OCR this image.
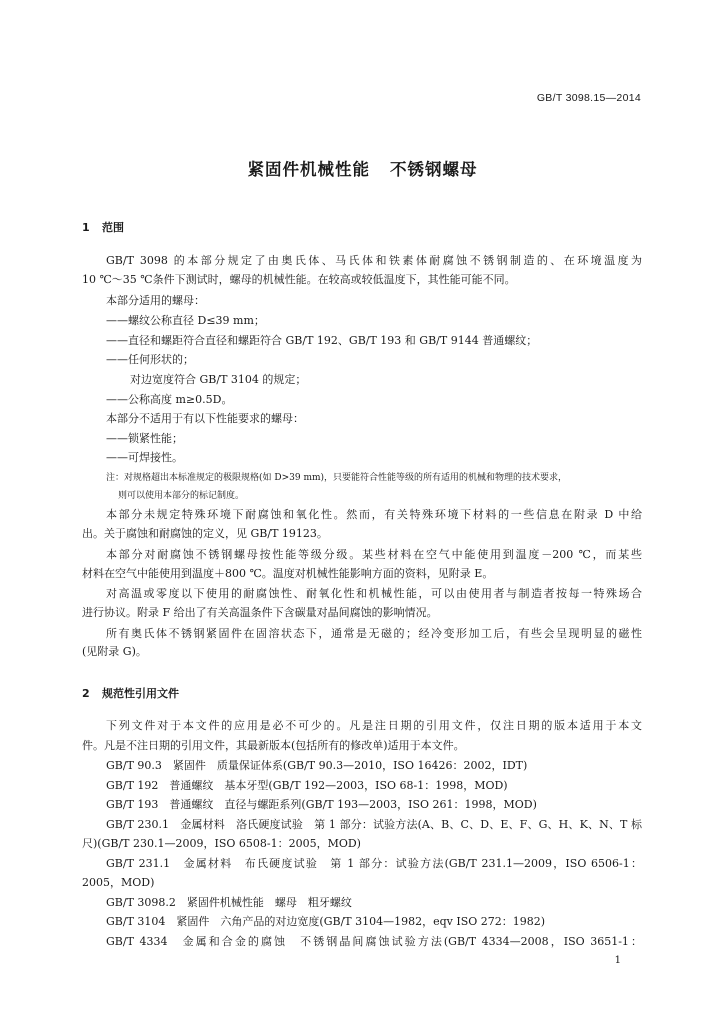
GB/T 3098.15—2014
紧固件机械性能 不锈钢螺母
1 范围
GB/T 3098 的本部分规定了由奥氏体、马氏体和铁素体耐腐蚀不锈钢制造的、在环境温度为
10 ℃～35 ℃条件下测试时，螺母的机械性能。在较高或较低温度下，其性能可能不同。
本部分适用的螺母：
——螺纹公称直径 D≤39 mm；
——直径和螺距符合直径和螺距符合 GB/T 192、GB/T 193 和 GB/T 9144 普通螺纹；
——任何形状的；
对边宽度符合 GB/T 3104 的规定；
——公称高度 m≥0.5D。
本部分不适用于有以下性能要求的螺母：
——锁紧性能；
——可焊接性。
注：对规格超出本标准规定的极限规格(如 D>39 mm)，只要能符合性能等级的所有适用的机械和物理的技术要求，
则可以使用本部分的标记制度。
本部分未规定特殊环境下耐腐蚀和氧化性。然而，有关特殊环境下材料的一些信息在附录 D 中给
出。关于腐蚀和耐腐蚀的定义，见 GB/T 19123。
本部分对耐腐蚀不锈钢螺母按性能等级分级。某些材料在空气中能使用到温度－200 ℃，而某些
材料在空气中能使用到温度＋800 ℃。温度对机械性能影响方面的资料，见附录 E。
对高温或零度以下使用的耐腐蚀性、耐氧化性和机械性能，可以由使用者与制造者按每一特殊场合
进行协议。附录 F 给出了有关高温条件下含碳量对晶间腐蚀的影响情况。
所有奥氏体不锈钢紧固件在固溶状态下，通常是无磁的；经冷变形加工后，有些会呈现明显的磁性
(见附录 G)。
2 规范性引用文件
下列文件对于本文件的应用是必不可少的。凡是注日期的引用文件，仅注日期的版本适用于本文
件。凡是不注日期的引用文件，其最新版本(包括所有的修改单)适用于本文件。
GB/T 90.3　紧固件　质量保证体系(GB/T 90.3—2010，ISO 16426：2002，IDT)
GB/T 192　普通螺纹　基本牙型(GB/T 192—2003，ISO 68-1：1998，MOD)
GB/T 193　普通螺纹　直径与螺距系列(GB/T 193—2003，ISO 261：1998，MOD)
GB/T 230.1　金属材料　洛氏硬度试验　第 1 部分：试验方法(A、B、C、D、E、F、G、H、K、N、T 标
尺)(GB/T 230.1—2009，ISO 6508-1：2005，MOD)
GB/T 231.1　金属材料　布氏硬度试验　第 1 部分：试验方法(GB/T 231.1—2009，ISO 6506-1：
2005，MOD)
GB/T 3098.2　紧固件机械性能　螺母　粗牙螺纹
GB/T 3104　紧固件　六角产品的对边宽度(GB/T 3104—1982，eqv ISO 272：1982)
GB/T 4334　金属和合金的腐蚀　不锈钢晶间腐蚀试验方法(GB/T 4334—2008，ISO 3651-1：
1
